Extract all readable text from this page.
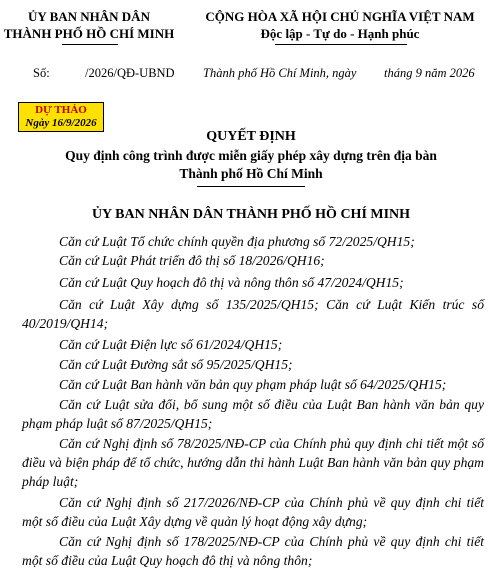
ỦY BAN NHÂN DÂN
THÀNH PHỐ HỒ CHÍ MINH
CỘNG HÒA XÃ HỘI CHỦ NGHĨA VIỆT NAM
Độc lập - Tự do - Hạnh phúc
Số:	/2026/QĐ-UBND Thành phố Hồ Chí Minh, ngày tháng 9 năm 2026
DỰ THẢO
Ngày 16/9/2026
QUYẾT ĐỊNH
Quy định công trình được miễn giấy phép xây dựng trên địa bàn
Thành phố Hồ Chí Minh
ỦY BAN NHÂN DÂN THÀNH PHỐ HỒ CHÍ MINH

Căn cứ Luật Tổ chức chính quyền địa phương số 72/2025/QH15;

Căn cứ Luật Phát triển đô thị số 18/2026/QH16;

Căn cứ Luật Quy hoạch đô thị và nông thôn số 47/2024/QH15;

Căn cứ Luật Xây dựng số 135/2025/QH15; Căn cứ Luật Kiến trúc số 40/2019/QH14;

Căn cứ Luật Điện lực số 61/2024/QH15;

Căn cứ Luật Đường sắt số 95/2025/QH15;

Căn cứ Luật Ban hành văn bản quy phạm pháp luật số 64/2025/QH15;

Căn cứ Luật sửa đổi, bổ sung một số điều của Luật Ban hành văn bản quy phạm pháp luật số 87/2025/QH15;

Căn cứ Nghị định số 78/2025/NĐ-CP của Chính phủ quy định chi tiết một số điều và biện pháp để tổ chức, hướng dẫn thi hành Luật Ban hành văn bản quy phạm pháp luật;

Căn cứ Nghị định số 217/2026/NĐ-CP của Chính phủ về quy định chi tiết một số điều của Luật Xây dựng về quản lý hoạt động xây dựng;

Căn cứ Nghị định số 178/2025/NĐ-CP của Chính phủ về quy định chi tiết một số điều của Luật Quy hoạch đô thị và nông thôn;
